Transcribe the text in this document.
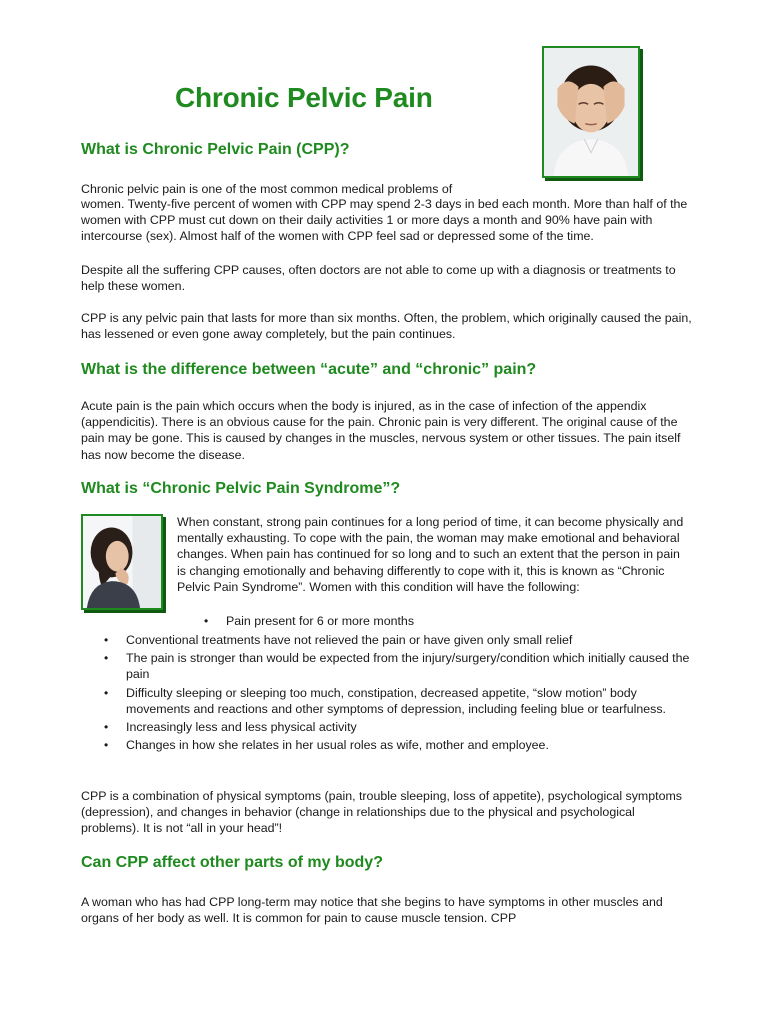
Chronic Pelvic Pain
What is Chronic Pelvic Pain (CPP)?

Chronic pelvic pain is one of the most common medical problems of

women. Twenty-five percent of women with CPP may spend 2-3 days in bed each month. More than half of the women with CPP must cut down on their daily activities 1 or more days a month and 90% have pain with intercourse (sex). Almost half of the women with CPP feel sad or depressed some of the time.

Despite all the suffering CPP causes, often doctors are not able to come up with a diagnosis or treatments to help these women.

CPP is any pelvic pain that lasts for more than six months. Often, the problem, which originally caused the pain, has lessened or even gone away completely, but the pain continues.

What is the difference between “acute” and “chronic” pain?

Acute pain is the pain which occurs when the body is injured, as in the case of infection of the appendix (appendicitis). There is an obvious cause for the pain. Chronic pain is very different. The original cause of the pain may be gone. This is caused by changes in the muscles, nervous system or other tissues. The pain itself has now become the disease.

What is “Chronic Pelvic Pain Syndrome”?

When constant, strong pain continues for a long period of time, it can become physically and mentally exhausting. To cope with the pain, the woman may make emotional and behavioral changes. When pain has continued for so long and to such an extent that the person in pain is changing emotionally and behaving differently to cope with it, this is known as “Chronic Pelvic Pain Syndrome”. Women with this condition will have the following:

• Pain present for 6 or more months
• Conventional treatments have not relieved the pain or have given only small relief
• The pain is stronger than would be expected from the injury/surgery/condition which initially caused the pain
• Difficulty sleeping or sleeping too much, constipation, decreased appetite, “slow motion” body movements and reactions and other symptoms of depression, including feeling blue or tearfulness.
• Increasingly less and less physical activity
• Changes in how she relates in her usual roles as wife, mother and employee.

CPP is a combination of physical symptoms (pain, trouble sleeping, loss of appetite), psychological symptoms (depression), and changes in behavior (change in relationships due to the physical and psychological problems). It is not “all in your head”!

Can CPP affect other parts of my body?

A woman who has had CPP long-term may notice that she begins to have symptoms in other muscles and organs of her body as well. It is common for pain to cause muscle tension. CPP
